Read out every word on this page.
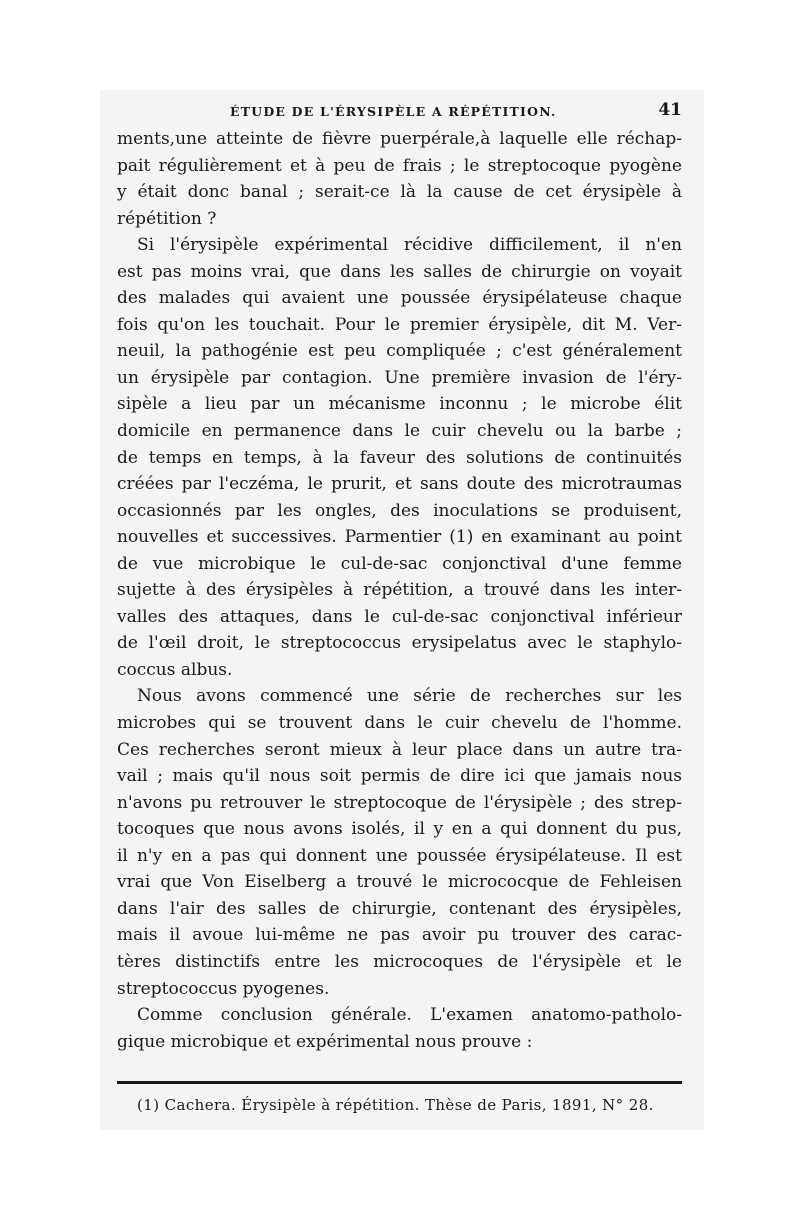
ÉTUDE DE L'ÉRYSIPÈLE A RÉPÉTITION.	41
ments,une atteinte de fièvre puerpérale,à laquelle elle réchap-
pait régulièrement et à peu de frais ; le streptocoque pyogène
y était donc banal ; serait-ce là la cause de cet érysipèle à
répétition ?
Si l'érysipèle expérimental récidive difficilement, il n'en
est pas moins vrai, que dans les salles de chirurgie on voyait
des malades qui avaient une poussée érysipélateuse chaque
fois qu'on les touchait. Pour le premier érysipèle, dit M. Ver-
neuil, la pathogénie est peu compliquée ; c'est généralement
un érysipèle par contagion. Une première invasion de l'éry-
sipèle a lieu par un mécanisme inconnu ; le microbe élit
domicile en permanence dans le cuir chevelu ou la barbe ;
de temps en temps, à la faveur des solutions de continuités
créées par l'eczéma, le prurit, et sans doute des microtraumas
occasionnés par les ongles, des inoculations se produisent,
nouvelles et successives. Parmentier (1) en examinant au point
de vue microbique le cul-de-sac conjonctival d'une femme
sujette à des érysipèles à répétition, a trouvé dans les inter-
valles des attaques, dans le cul-de-sac conjonctival inférieur
de l'œil droit, le streptococcus erysipelatus avec le staphylo-
coccus albus.
Nous avons commencé une série de recherches sur les
microbes qui se trouvent dans le cuir chevelu de l'homme.
Ces recherches seront mieux à leur place dans un autre tra-
vail ; mais qu'il nous soit permis de dire ici que jamais nous
n'avons pu retrouver le streptocoque de l'érysipèle ; des strep-
tocoques que nous avons isolés, il y en a qui donnent du pus,
il n'y en a pas qui donnent une poussée érysipélateuse. Il est
vrai que Von Eiselberg a trouvé le micrococque de Fehleisen
dans l'air des salles de chirurgie, contenant des érysipèles,
mais il avoue lui-même ne pas avoir pu trouver des carac-
tères distinctifs entre les microcoques de l'érysipèle et le
streptococcus pyogenes.
Comme conclusion générale. L'examen anatomo-patholo-
gique microbique et expérimental nous prouve :
(1) Cachera. Érysipèle à répétition. Thèse de Paris, 1891, N° 28.
